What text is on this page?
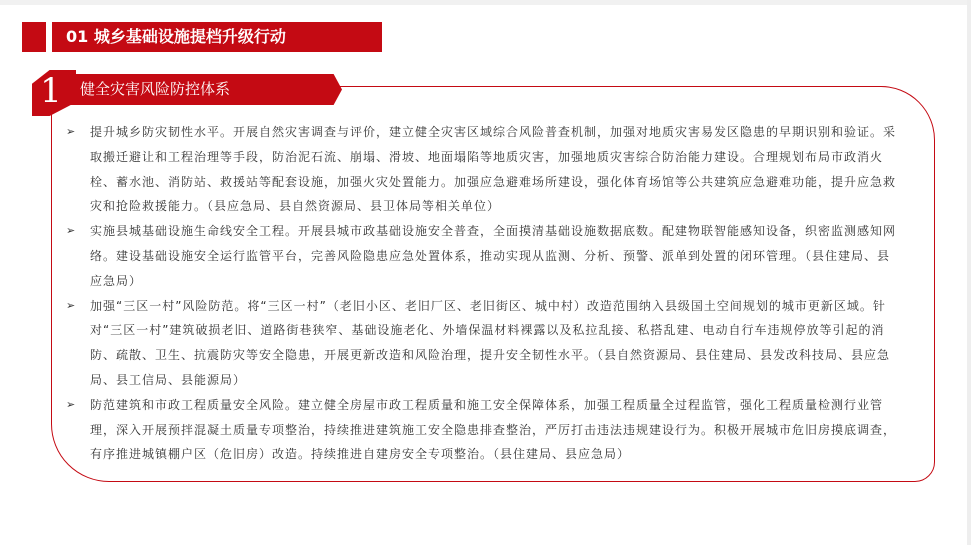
01 城乡基础设施提档升级行动
健全灾害风险防控体系
1
➢ 提升城乡防灾韧性水平。开展自然灾害调查与评价，建立健全灾害区域综合风险普查机制，加强对地质灾害易发区隐患的早期识别和验证。采取搬迁避让和工程治理等手段，防治泥石流、崩塌、滑坡、地面塌陷等地质灾害，加强地质灾害综合防治能力建设。合理规划布局市政消火栓、蓄水池、消防站、救援站等配套设施，加强火灾处置能力。加强应急避难场所建设，强化体育场馆等公共建筑应急避难功能，提升应急救灾和抢险救援能力。（县应急局、县自然资源局、县卫体局等相关单位）
➢ 实施县城基础设施生命线安全工程。开展县城市政基础设施安全普查，全面摸清基础设施数据底数。配建物联智能感知设备，织密监测感知网络。建设基础设施安全运行监管平台，完善风险隐患应急处置体系，推动实现从监测、分析、预警、派单到处置的闭环管理。（县住建局、县应急局）
➢ 加强“三区一村”风险防范。将“三区一村”（老旧小区、老旧厂区、老旧街区、城中村）改造范围纳入县级国土空间规划的城市更新区域。针对“三区一村”建筑破损老旧、道路街巷狭窄、基础设施老化、外墙保温材料裸露以及私拉乱接、私搭乱建、电动自行车违规停放等引起的消防、疏散、卫生、抗震防灾等安全隐患，开展更新改造和风险治理，提升安全韧性水平。（县自然资源局、县住建局、县发改科技局、县应急局、县工信局、县能源局）
➢ 防范建筑和市政工程质量安全风险。建立健全房屋市政工程质量和施工安全保障体系，加强工程质量全过程监管，强化工程质量检测行业管理，深入开展预拌混凝土质量专项整治，持续推进建筑施工安全隐患排查整治，严厉打击违法违规建设行为。积极开展城市危旧房摸底调查，有序推进城镇棚户区（危旧房）改造。持续推进自建房安全专项整治。（县住建局、县应急局）
